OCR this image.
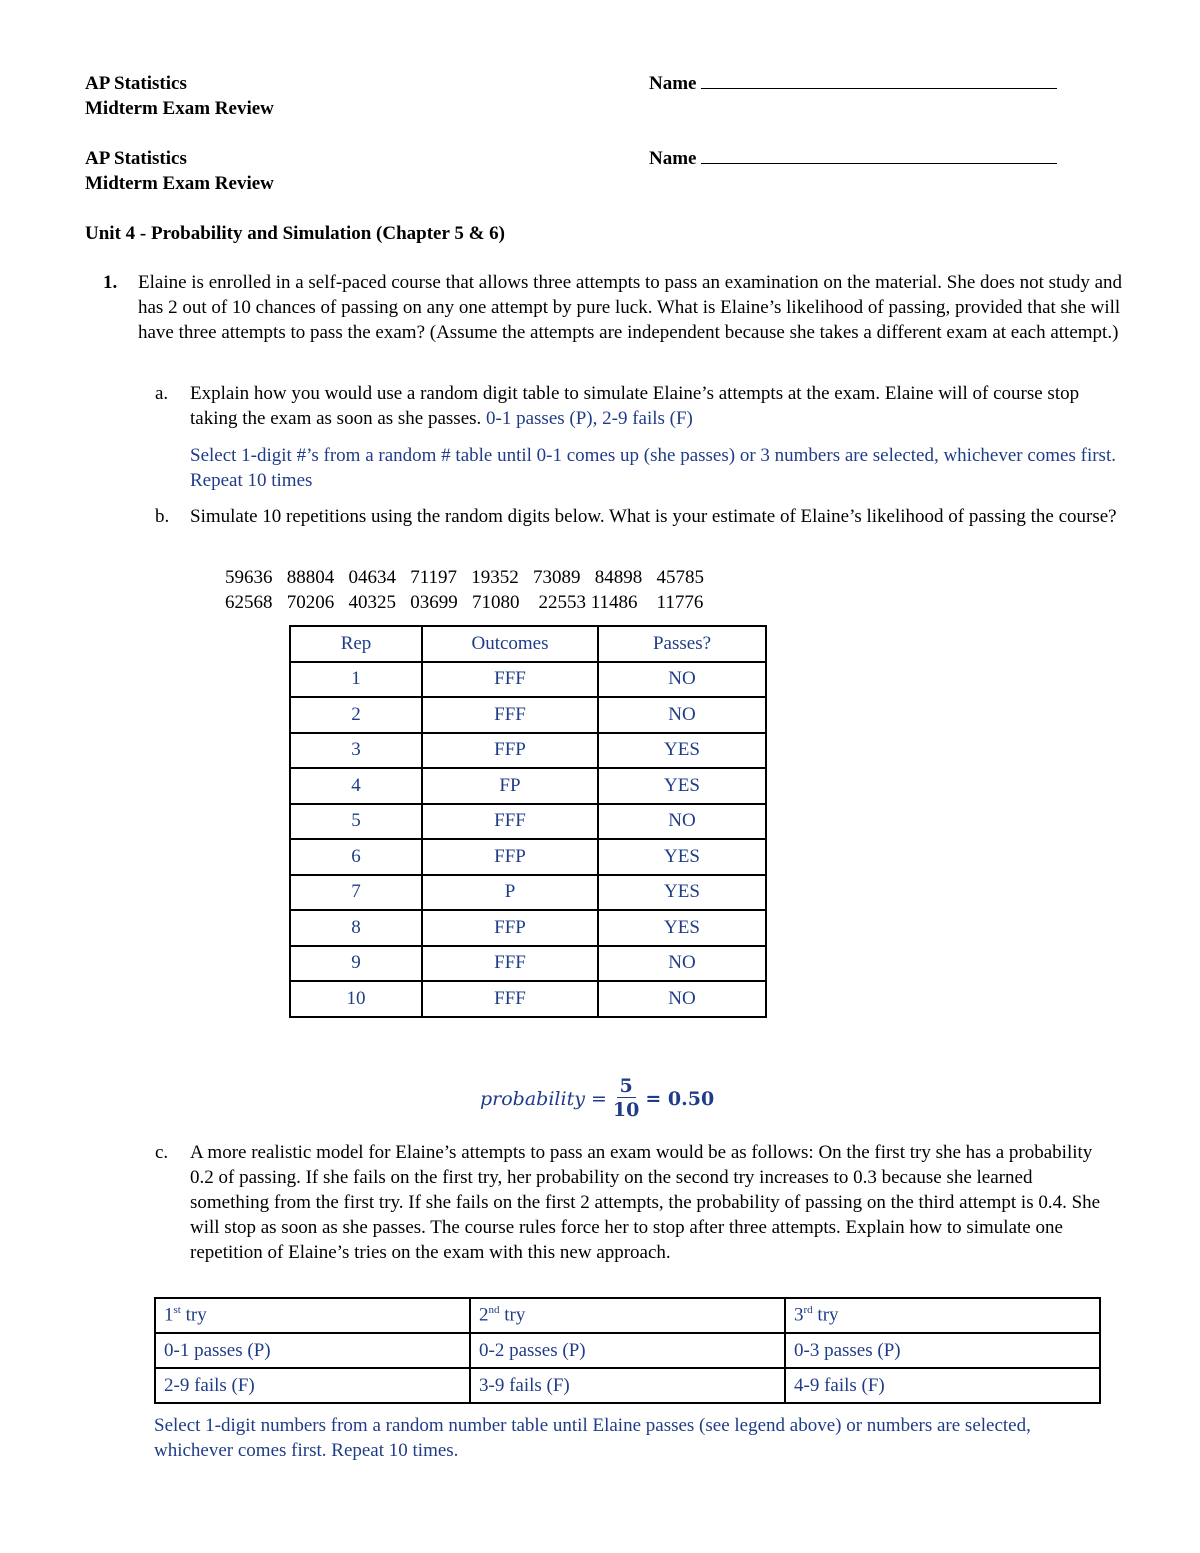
AP Statistics
Midterm Exam Review
Name
AP Statistics
Midterm Exam Review
Name
Unit 4 - Probability and Simulation (Chapter 5 & 6)
1. Elaine is enrolled in a self-paced course that allows three attempts to pass an examination on the material. She does not study and has 2 out of 10 chances of passing on any one attempt by pure luck. What is Elaine’s likelihood of passing, provided that she will have three attempts to pass the exam? (Assume the attempts are independent because she takes a different exam at each attempt.)
a. Explain how you would use a random digit table to simulate Elaine’s attempts at the exam. Elaine will of course stop taking the exam as soon as she passes. 0-1 passes (P), 2-9 fails (F)
Select 1-digit #’s from a random # table until 0-1 comes up (she passes) or 3 numbers are selected, whichever comes first. Repeat 10 times
b. Simulate 10 repetitions using the random digits below. What is your estimate of Elaine’s likelihood of passing the course?
59636 88804 04634 71197 19352 73089 84898 45785
62568 70206 40325 03699 71080 22553 11486 11776
Rep	Outcomes	Passes?
1	FFF	NO
2	FFF	NO
3	FFP	YES
4	FP	YES
5	FFF	NO
6	FFP	YES
7	P	YES
8	FFP	YES
9	FFF	NO
10	FFF	NO
probability = $\frac{5}{10} = 0.50$
c. A more realistic model for Elaine’s attempts to pass an exam would be as follows: On the first try she has a probability 0.2 of passing. If she fails on the first try, her probability on the second try increases to 0.3 because she learned something from the first try. If she fails on the first 2 attempts, the probability of passing on the third attempt is 0.4. She will stop as soon as she passes. The course rules force her to stop after three attempts. Explain how to simulate one repetition of Elaine’s tries on the exam with this new approach.
1st try	2nd try	3rd try
0-1 passes (P)	0-2 passes (P)	0-3 passes (P)
2-9 fails (F)	3-9 fails (F)	4-9 fails (F)
Select 1-digit numbers from a random number table until Elaine passes (see legend above) or numbers are selected, whichever comes first. Repeat 10 times.
